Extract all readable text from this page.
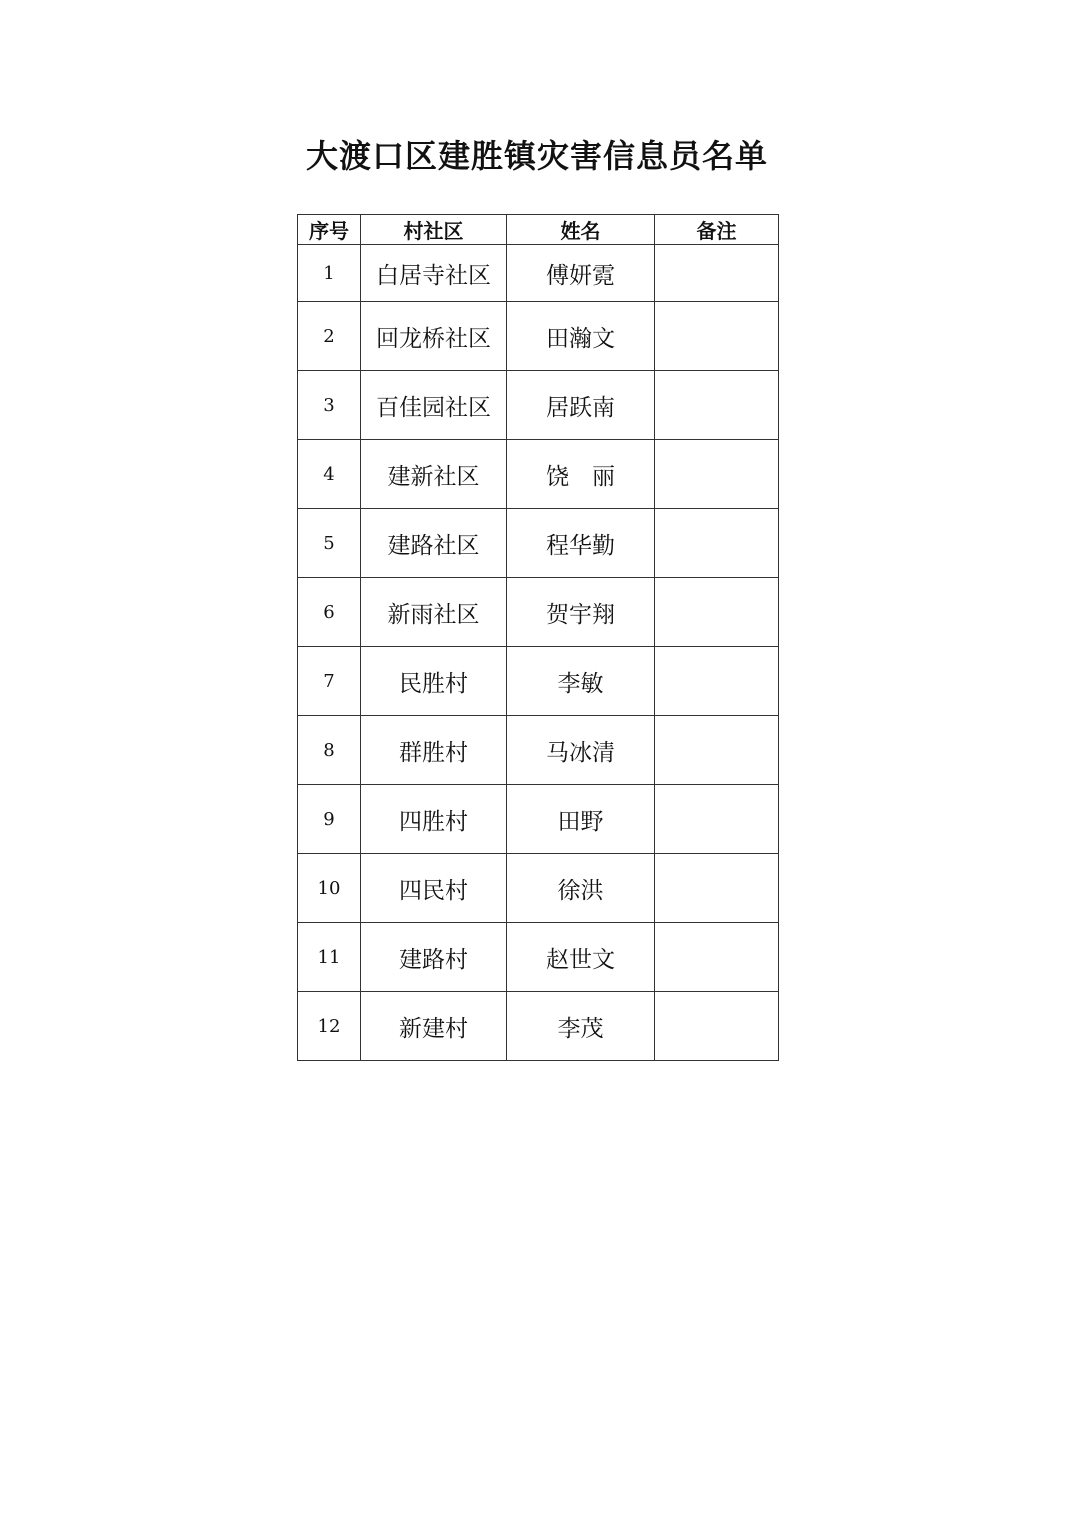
大渡口区建胜镇灾害信息员名单
序号	村社区	姓名	备注
1	白居寺社区	傅妍霓	
2	回龙桥社区	田瀚文	
3	百佳园社区	居跃南	
4	建新社区	饶　丽	
5	建路社区	程华勤	
6	新雨社区	贺宇翔	
7	民胜村	李敏	
8	群胜村	马冰清	
9	四胜村	田野	
10	四民村	徐洪	
11	建路村	赵世文	
12	新建村	李茂	
